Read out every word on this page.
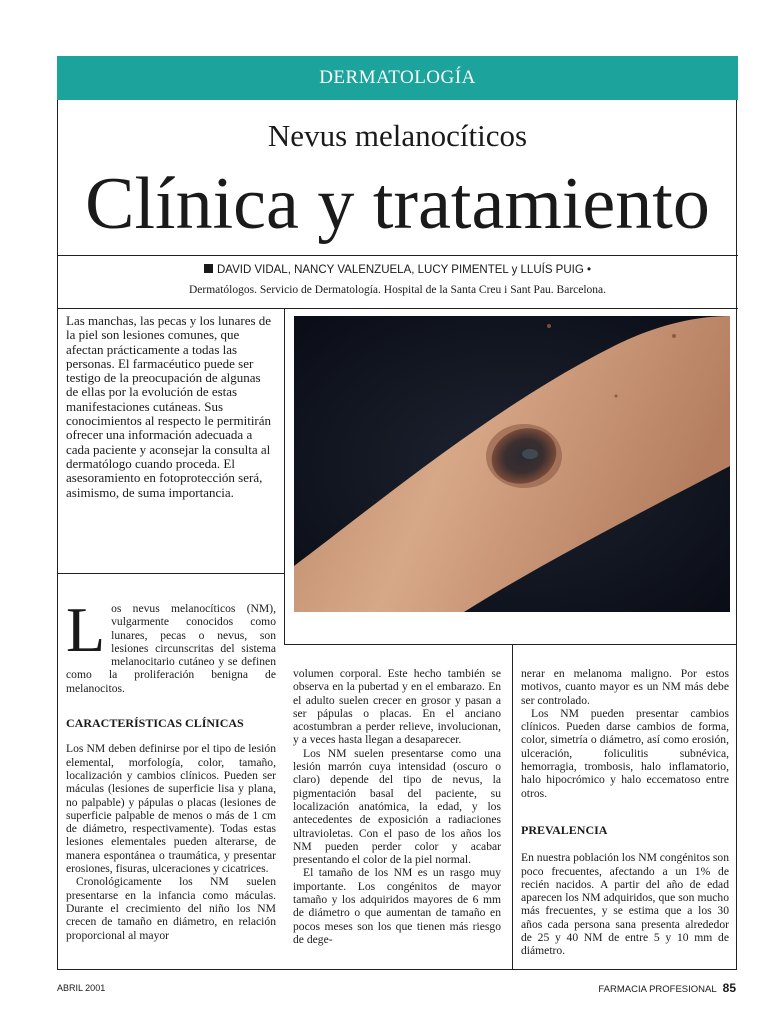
DERMATOLOGÍA
Nevus melanocíticos
Clínica y tratamiento
DAVID VIDAL, NANCY VALENZUELA, LUCY PIMENTEL y LLUÍS PUIG •
Dermatólogos. Servicio de Dermatología. Hospital de la Santa Creu i Sant Pau. Barcelona.
Las manchas, las pecas y los lunares de la piel son lesiones comunes, que afectan prácticamente a todas las personas. El farmacéutico puede ser testigo de la preocupación de algunas de ellas por la evolución de estas manifestaciones cutáneas. Sus conocimientos al respecto le permitirán ofrecer una información adecuada a cada paciente y aconsejar la consulta al dermatólogo cuando proceda. El asesoramiento en fotoprotección será, asimismo, de suma importancia.
L os nevus melanocíticos (NM), vulgarmente conocidos como lunares, pecas o nevus, son lesiones circunscritas del sistema melanocitario cutáneo y se definen como la proliferación benigna de melanocitos.

CARACTERÍSTICAS CLÍNICAS

Los NM deben definirse por el tipo de lesión elemental, morfología, color, tamaño, localización y cambios clínicos. Pueden ser máculas (lesiones de superficie lisa y plana, no palpable) y pápulas o placas (lesiones de superficie palpable de menos o más de 1 cm de diámetro, respectivamente). Todas estas lesiones elementales pueden alterarse, de manera espontánea o traumática, y presentar erosiones, fisuras, ulceraciones y cicatrices.

Cronológicamente los NM suelen presentarse en la infancia como máculas. Durante el crecimiento del niño los NM crecen de tamaño en diámetro, en relación proporcional al mayor

volumen corporal. Este hecho también se observa en la pubertad y en el embarazo. En el adulto suelen crecer en grosor y pasan a ser pápulas o placas. En el anciano acostumbran a perder relieve, involucionan, y a veces hasta llegan a desaparecer.

Los NM suelen presentarse como una lesión marrón cuya intensidad (oscuro o claro) depende del tipo de nevus, la pigmentación basal del paciente, su localización anatómica, la edad, y los antecedentes de exposición a radiaciones ultravioletas. Con el paso de los años los NM pueden perder color y acabar presentando el color de la piel normal.

El tamaño de los NM es un rasgo muy importante. Los congénitos de mayor tamaño y los adquiridos mayores de 6 mm de diámetro o que aumentan de tamaño en pocos meses son los que tienen más riesgo de dege-

nerar en melanoma maligno. Por estos motivos, cuanto mayor es un NM más debe ser controlado.

Los NM pueden presentar cambios clínicos. Pueden darse cambios de forma, color, simetría o diámetro, así como erosión, ulceración, foliculitis subnévica, hemorragia, trombosis, halo inflamatorio, halo hipocrómico y halo eccematoso entre otros.

PREVALENCIA

En nuestra población los NM congénitos son poco frecuentes, afectando a un 1% de recién nacidos. A partir del año de edad aparecen los NM adquiridos, que son mucho más frecuentes, y se estima que a los 30 años cada persona sana presenta alrededor de 25 y 40 NM de entre 5 y 10 mm de diámetro.

ABRIL 2001	FARMACIA PROFESIONAL 85
